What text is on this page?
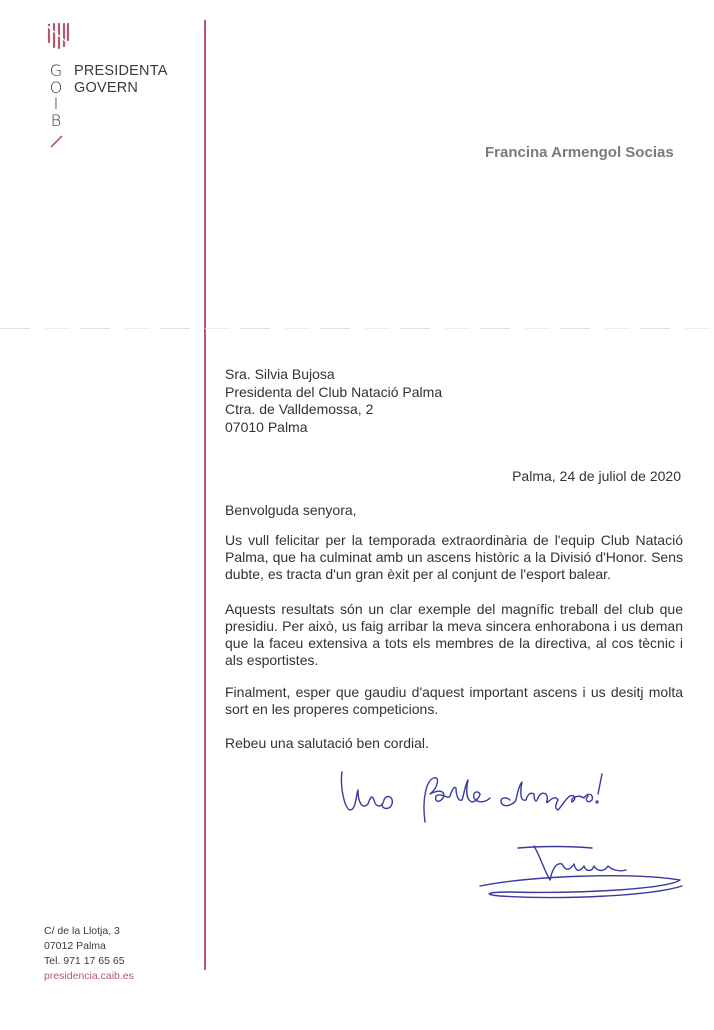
G
O
I
B
PRESIDENTA
GOVERN
Francina Armengol Socias
Sra. Silvia Bujosa
Presidenta del Club Natació Palma
Ctra. de Valldemossa, 2
07010 Palma
Palma, 24 de juliol de 2020

Benvolguda senyora,

Us vull felicitar per la temporada extraordinària de l'equip Club Natació Palma, que ha culminat amb un ascens històric a la Divisió d'Honor. Sens dubte, es tracta d'un gran èxit per al conjunt de l'esport balear.

Aquests resultats són un clar exemple del magnífic treball del club que presidiu. Per això, us faig arribar la meva sincera enhorabona i us deman que la faceu extensiva a tots els membres de la directiva, al cos tècnic i als esportistes.

Finalment, esper que gaudiu d'aquest important ascens i us desitj molta sort en les properes competicions.

Rebeu una salutació ben cordial.

C/ de la Llotja, 3
07012 Palma
Tel. 971 17 65 65
presidencia.caib.es
